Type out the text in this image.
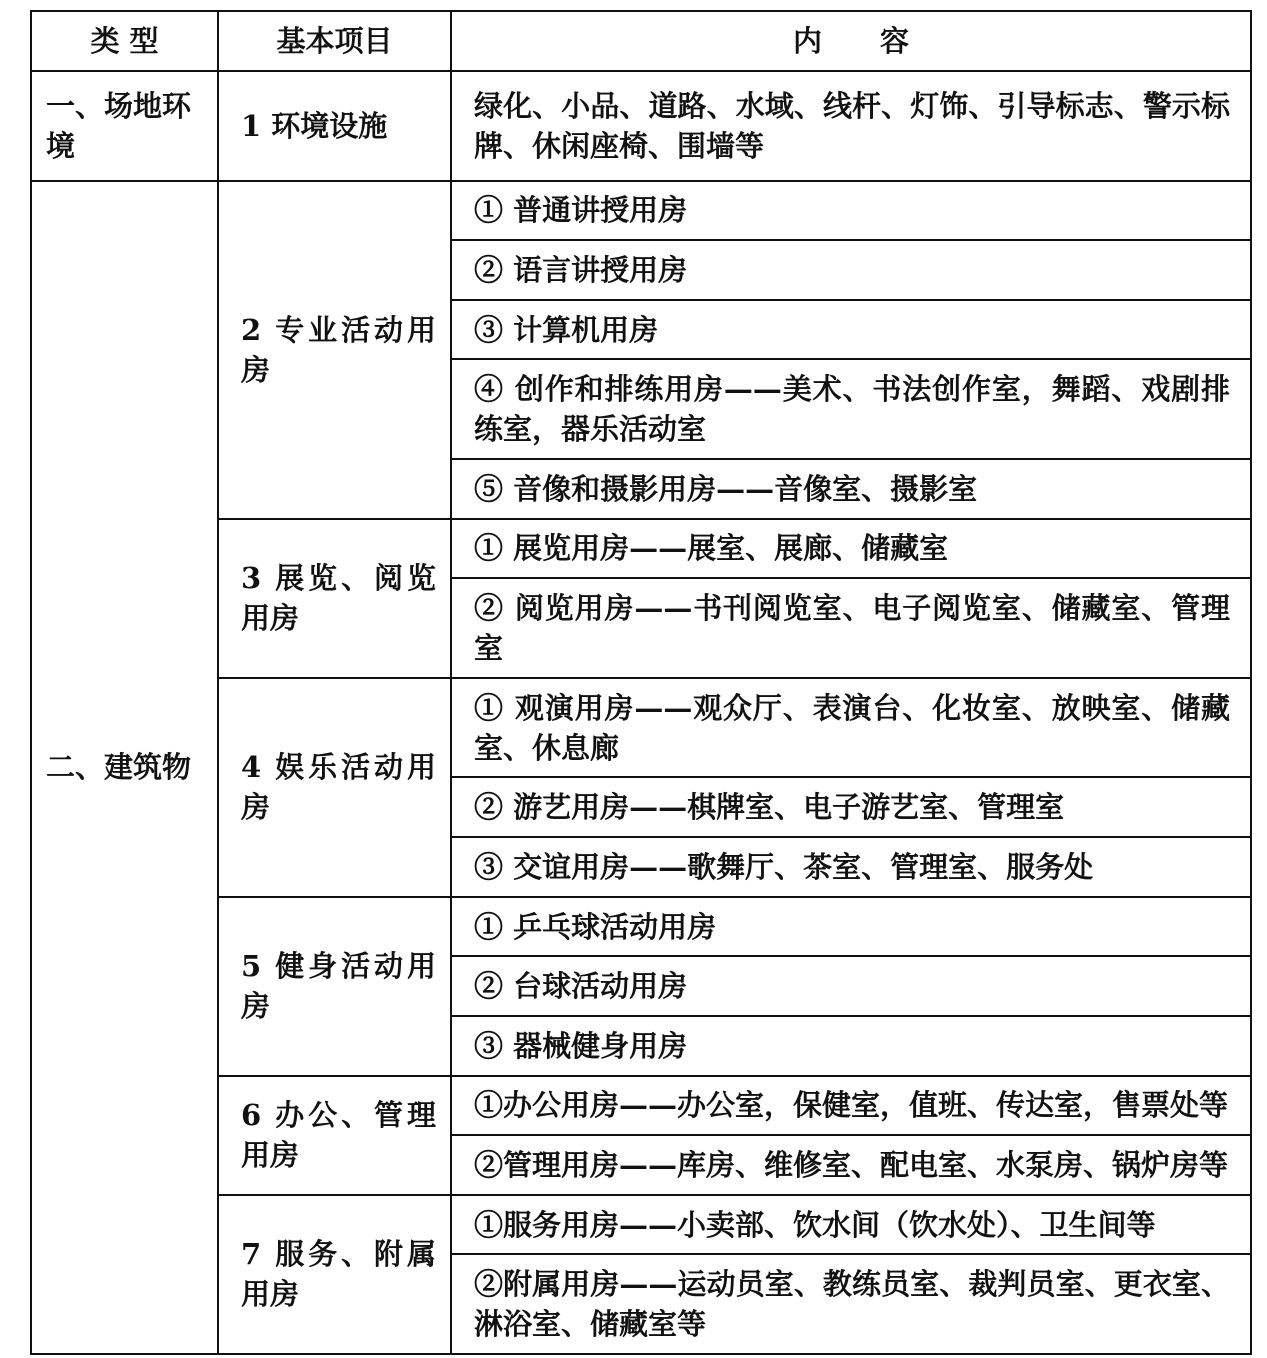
类 型	基本项目	内　　容
一、场地环境	1 环境设施	绿化、小品、道路、水域、线杆、灯饰、引导标志、警示标牌、休闲座椅、围墙等
二、建筑物	2 专业活动用房	① 普通讲授用房
		② 语言讲授用房
		③ 计算机用房
		④ 创作和排练用房——美术、书法创作室，舞蹈、戏剧排练室，器乐活动室
		⑤ 音像和摄影用房——音像室、摄影室
	3 展览、阅览用房	① 展览用房——展室、展廊、储藏室
		② 阅览用房——书刊阅览室、电子阅览室、储藏室、管理室
	4 娱乐活动用房	① 观演用房——观众厅、表演台、化妆室、放映室、储藏室、休息廊
		② 游艺用房——棋牌室、电子游艺室、管理室
		③ 交谊用房——歌舞厅、茶室、管理室、服务处
	5 健身活动用房	① 乒乓球活动用房
		② 台球活动用房
		③ 器械健身用房
	6 办公、管理用房	①办公用房——办公室，保健室，值班、传达室，售票处等
		②管理用房——库房、维修室、配电室、水泵房、锅炉房等
	7 服务、附属用房	①服务用房——小卖部、饮水间（饮水处）、卫生间等
		②附属用房——运动员室、教练员室、裁判员室、更衣室、淋浴室、储藏室等
